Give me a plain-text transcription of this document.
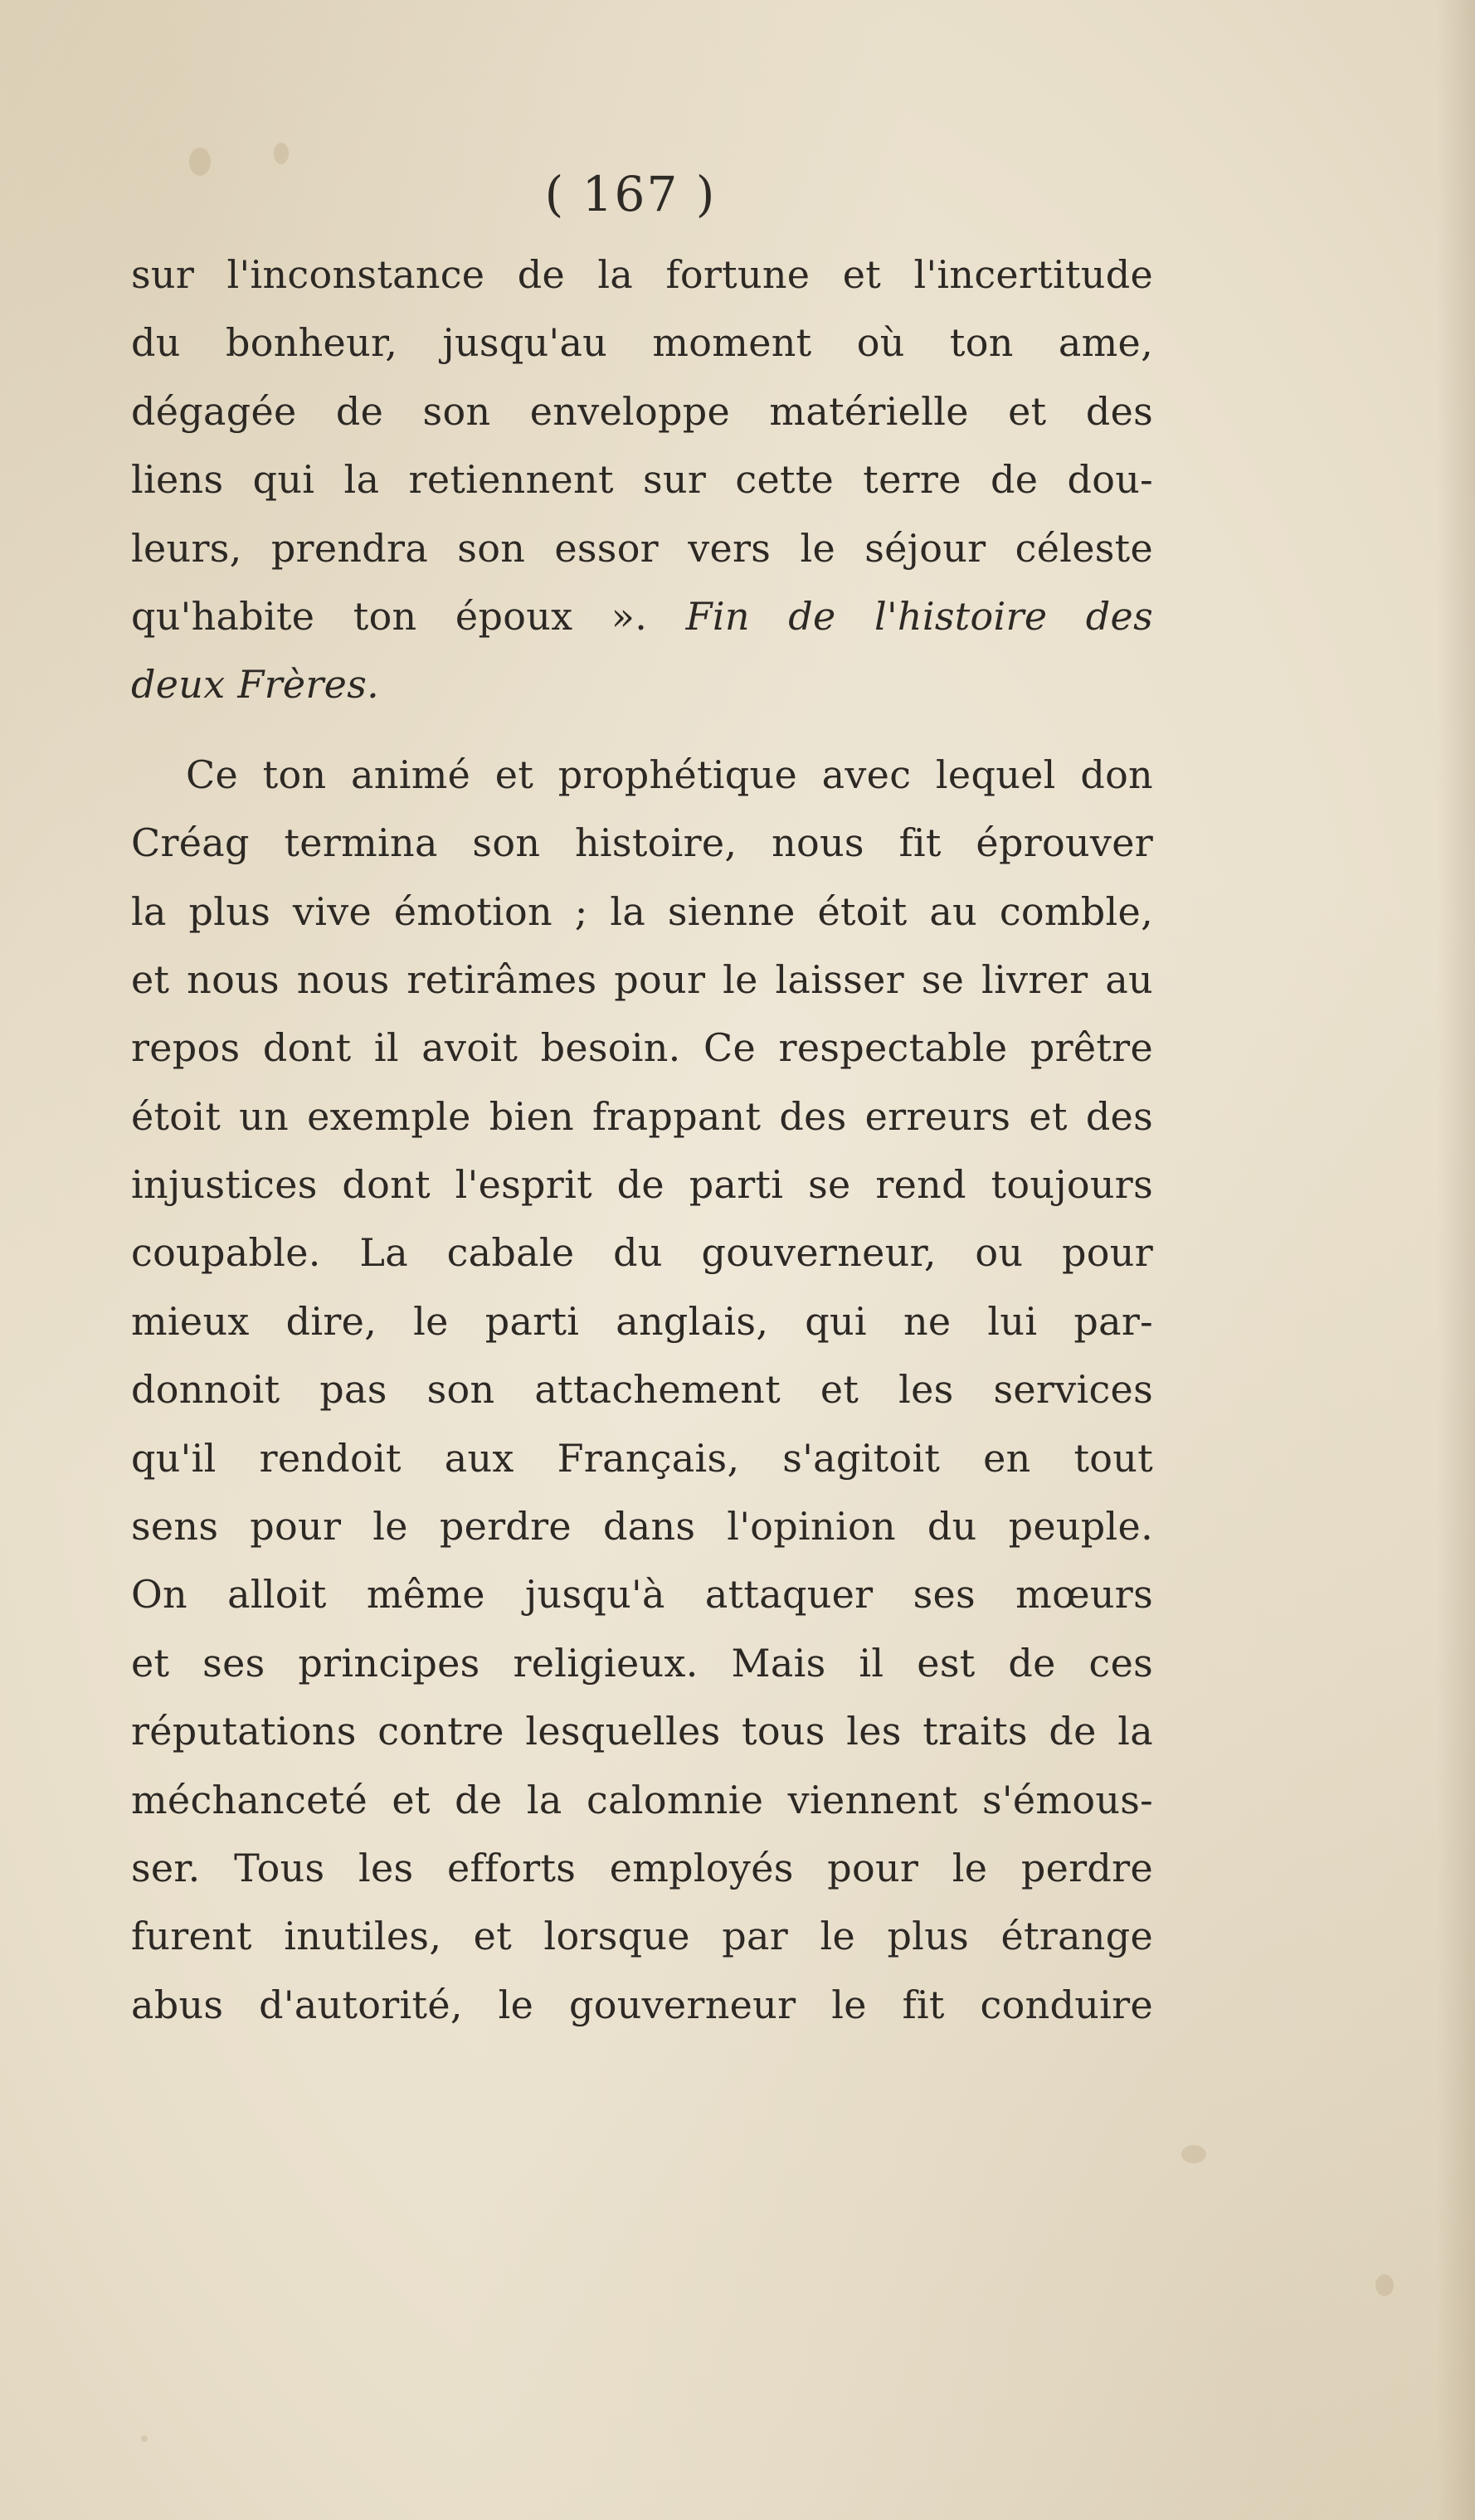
( 167 )
sur l'inconstance de la fortune et l'incertitude
du bonheur, jusqu'au moment où ton ame,
dégagée de son enveloppe matérielle et des
liens qui la retiennent sur cette terre de dou-
leurs, prendra son essor vers le séjour céleste
qu'habite ton époux ». Fin de l'histoire des
deux Frères.
Ce ton animé et prophétique avec lequel don
Créag termina son histoire, nous fit éprouver
la plus vive émotion ; la sienne étoit au comble,
et nous nous retirâmes pour le laisser se livrer au
repos dont il avoit besoin. Ce respectable prêtre
étoit un exemple bien frappant des erreurs et des
injustices dont l'esprit de parti se rend toujours
coupable. La cabale du gouverneur, ou pour
mieux dire, le parti anglais, qui ne lui par-
donnoit pas son attachement et les services
qu'il rendoit aux Français, s'agitoit en tout
sens pour le perdre dans l'opinion du peuple.
On alloit même jusqu'à attaquer ses mœurs
et ses principes religieux. Mais il est de ces
réputations contre lesquelles tous les traits de la
méchanceté et de la calomnie viennent s'émous-
ser. Tous les efforts employés pour le perdre
furent inutiles, et lorsque par le plus étrange
abus d'autorité, le gouverneur le fit conduire
